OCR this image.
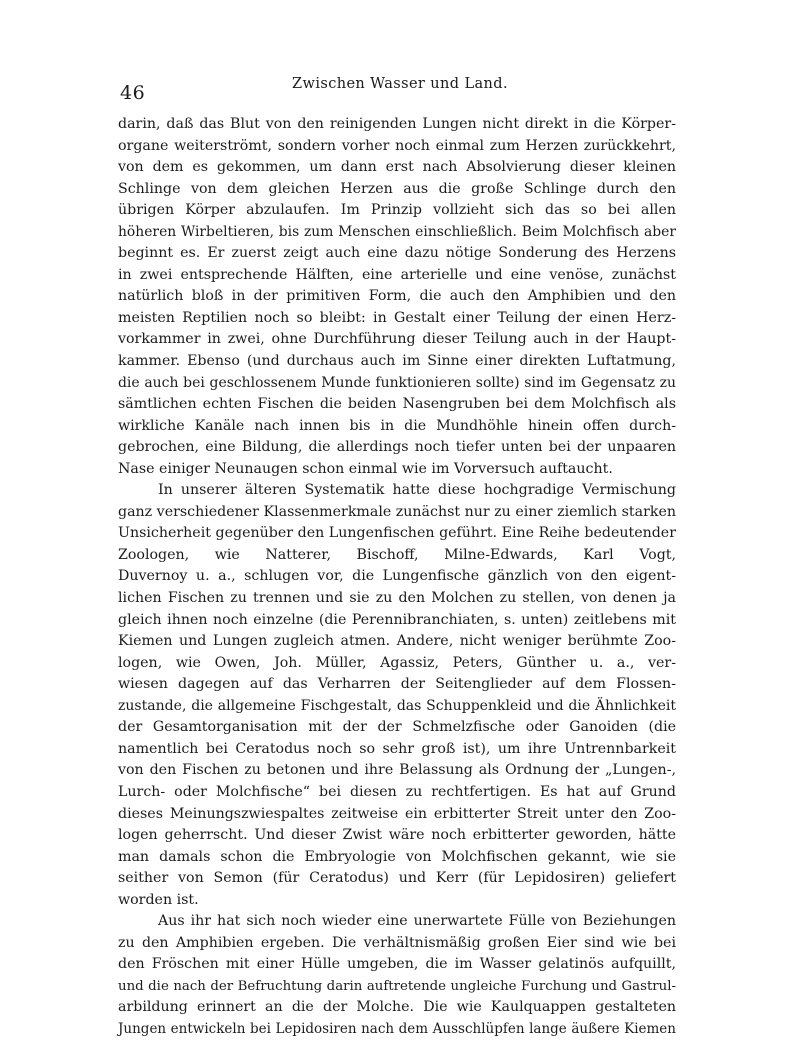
46	Zwischen Wasser und Land.
darin, daß das Blut von den reinigenden Lungen nicht direkt in die Körper-
organe weiterströmt, sondern vorher noch einmal zum Herzen zurückkehrt,
von dem es gekommen, um dann erst nach Absolvierung dieser kleinen
Schlinge von dem gleichen Herzen aus die große Schlinge durch den
übrigen Körper abzulaufen. Im Prinzip vollzieht sich das so bei allen
höheren Wirbeltieren, bis zum Menschen einschließlich. Beim Molchfisch aber
beginnt es. Er zuerst zeigt auch eine dazu nötige Sonderung des Herzens
in zwei entsprechende Hälften, eine arterielle und eine venöse, zunächst
natürlich bloß in der primitiven Form, die auch den Amphibien und den
meisten Reptilien noch so bleibt: in Gestalt einer Teilung der einen Herz-
vorkammer in zwei, ohne Durchführung dieser Teilung auch in der Haupt-
kammer. Ebenso (und durchaus auch im Sinne einer direkten Luftatmung,
die auch bei geschlossenem Munde funktionieren sollte) sind im Gegensatz zu
sämtlichen echten Fischen die beiden Nasengruben bei dem Molchfisch als
wirkliche Kanäle nach innen bis in die Mundhöhle hinein offen durch-
gebrochen, eine Bildung, die allerdings noch tiefer unten bei der unpaaren
Nase einiger Neunaugen schon einmal wie im Vorversuch auftaucht.
In unserer älteren Systematik hatte diese hochgradige Vermischung
ganz verschiedener Klassenmerkmale zunächst nur zu einer ziemlich starken
Unsicherheit gegenüber den Lungenfischen geführt. Eine Reihe bedeutender
Zoologen, wie Natterer, Bischoff, Milne-Edwards, Karl Vogt,
Duvernoy u. a., schlugen vor, die Lungenfische gänzlich von den eigent-
lichen Fischen zu trennen und sie zu den Molchen zu stellen, von denen ja
gleich ihnen noch einzelne (die Perennibranchiaten, s. unten) zeitlebens mit
Kiemen und Lungen zugleich atmen. Andere, nicht weniger berühmte Zoo-
logen, wie Owen, Joh. Müller, Agassiz, Peters, Günther u. a., ver-
wiesen dagegen auf das Verharren der Seitenglieder auf dem Flossen-
zustande, die allgemeine Fischgestalt, das Schuppenkleid und die Ähnlichkeit
der Gesamtorganisation mit der der Schmelzfische oder Ganoiden (die
namentlich bei Ceratodus noch so sehr groß ist), um ihre Untrennbarkeit
von den Fischen zu betonen und ihre Belassung als Ordnung der „Lungen-,
Lurch- oder Molchfische“ bei diesen zu rechtfertigen. Es hat auf Grund
dieses Meinungszwiespaltes zeitweise ein erbitterter Streit unter den Zoo-
logen geherrscht. Und dieser Zwist wäre noch erbitterter geworden, hätte
man damals schon die Embryologie von Molchfischen gekannt, wie sie
seither von Semon (für Ceratodus) und Kerr (für Lepidosiren) geliefert
worden ist.
Aus ihr hat sich noch wieder eine unerwartete Fülle von Beziehungen
zu den Amphibien ergeben. Die verhältnismäßig großen Eier sind wie bei
den Fröschen mit einer Hülle umgeben, die im Wasser gelatinös aufquillt,
und die nach der Befruchtung darin auftretende ungleiche Furchung und Gastrul-
arbildung erinnert an die der Molche. Die wie Kaulquappen gestalteten
Jungen entwickeln bei Lepidosiren nach dem Ausschlüpfen lange äußere Kiemen
